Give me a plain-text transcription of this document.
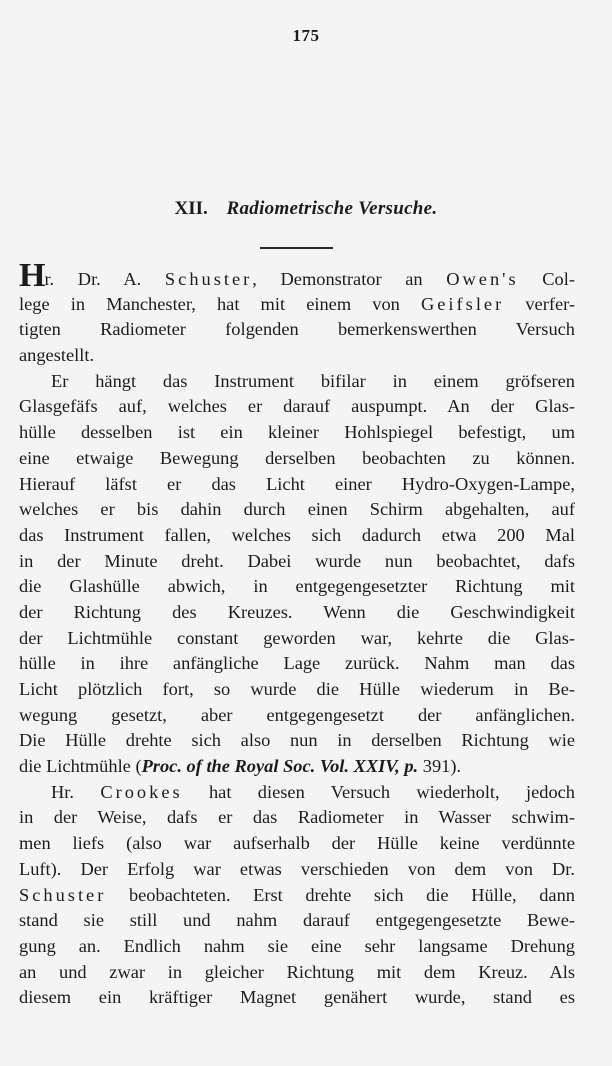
175
XII. Radiometrische Versuche.
Hr. Dr. A. Schuster, Demonstrator an Owen's Col-
lege in Manchester, hat mit einem von Geifsler verfer-
tigten Radiometer folgenden bemerkenswerthen Versuch
angestellt.
Er hängt das Instrument bifilar in einem gröfseren
Glasgefäfs auf, welches er darauf auspumpt. An der Glas-
hülle desselben ist ein kleiner Hohlspiegel befestigt, um
eine etwaige Bewegung derselben beobachten zu können.
Hierauf läfst er das Licht einer Hydro-Oxygen-Lampe,
welches er bis dahin durch einen Schirm abgehalten, auf
das Instrument fallen, welches sich dadurch etwa 200 Mal
in der Minute dreht. Dabei wurde nun beobachtet, dafs
die Glashülle abwich, in entgegengesetzter Richtung mit
der Richtung des Kreuzes. Wenn die Geschwindigkeit
der Lichtmühle constant geworden war, kehrte die Glas-
hülle in ihre anfängliche Lage zurück. Nahm man das
Licht plötzlich fort, so wurde die Hülle wiederum in Be-
wegung gesetzt, aber entgegengesetzt der anfänglichen.
Die Hülle drehte sich also nun in derselben Richtung wie
die Lichtmühle (Proc. of the Royal Soc. Vol. XXIV, p. 391).
Hr. Crookes hat diesen Versuch wiederholt, jedoch
in der Weise, dafs er das Radiometer in Wasser schwim-
men liefs (also war aufserhalb der Hülle keine verdünnte
Luft). Der Erfolg war etwas verschieden von dem von Dr.
Schuster beobachteten. Erst drehte sich die Hülle, dann
stand sie still und nahm darauf entgegengesetzte Bewe-
gung an. Endlich nahm sie eine sehr langsame Drehung
an und zwar in gleicher Richtung mit dem Kreuz. Als
diesem ein kräftiger Magnet genähert wurde, stand es
